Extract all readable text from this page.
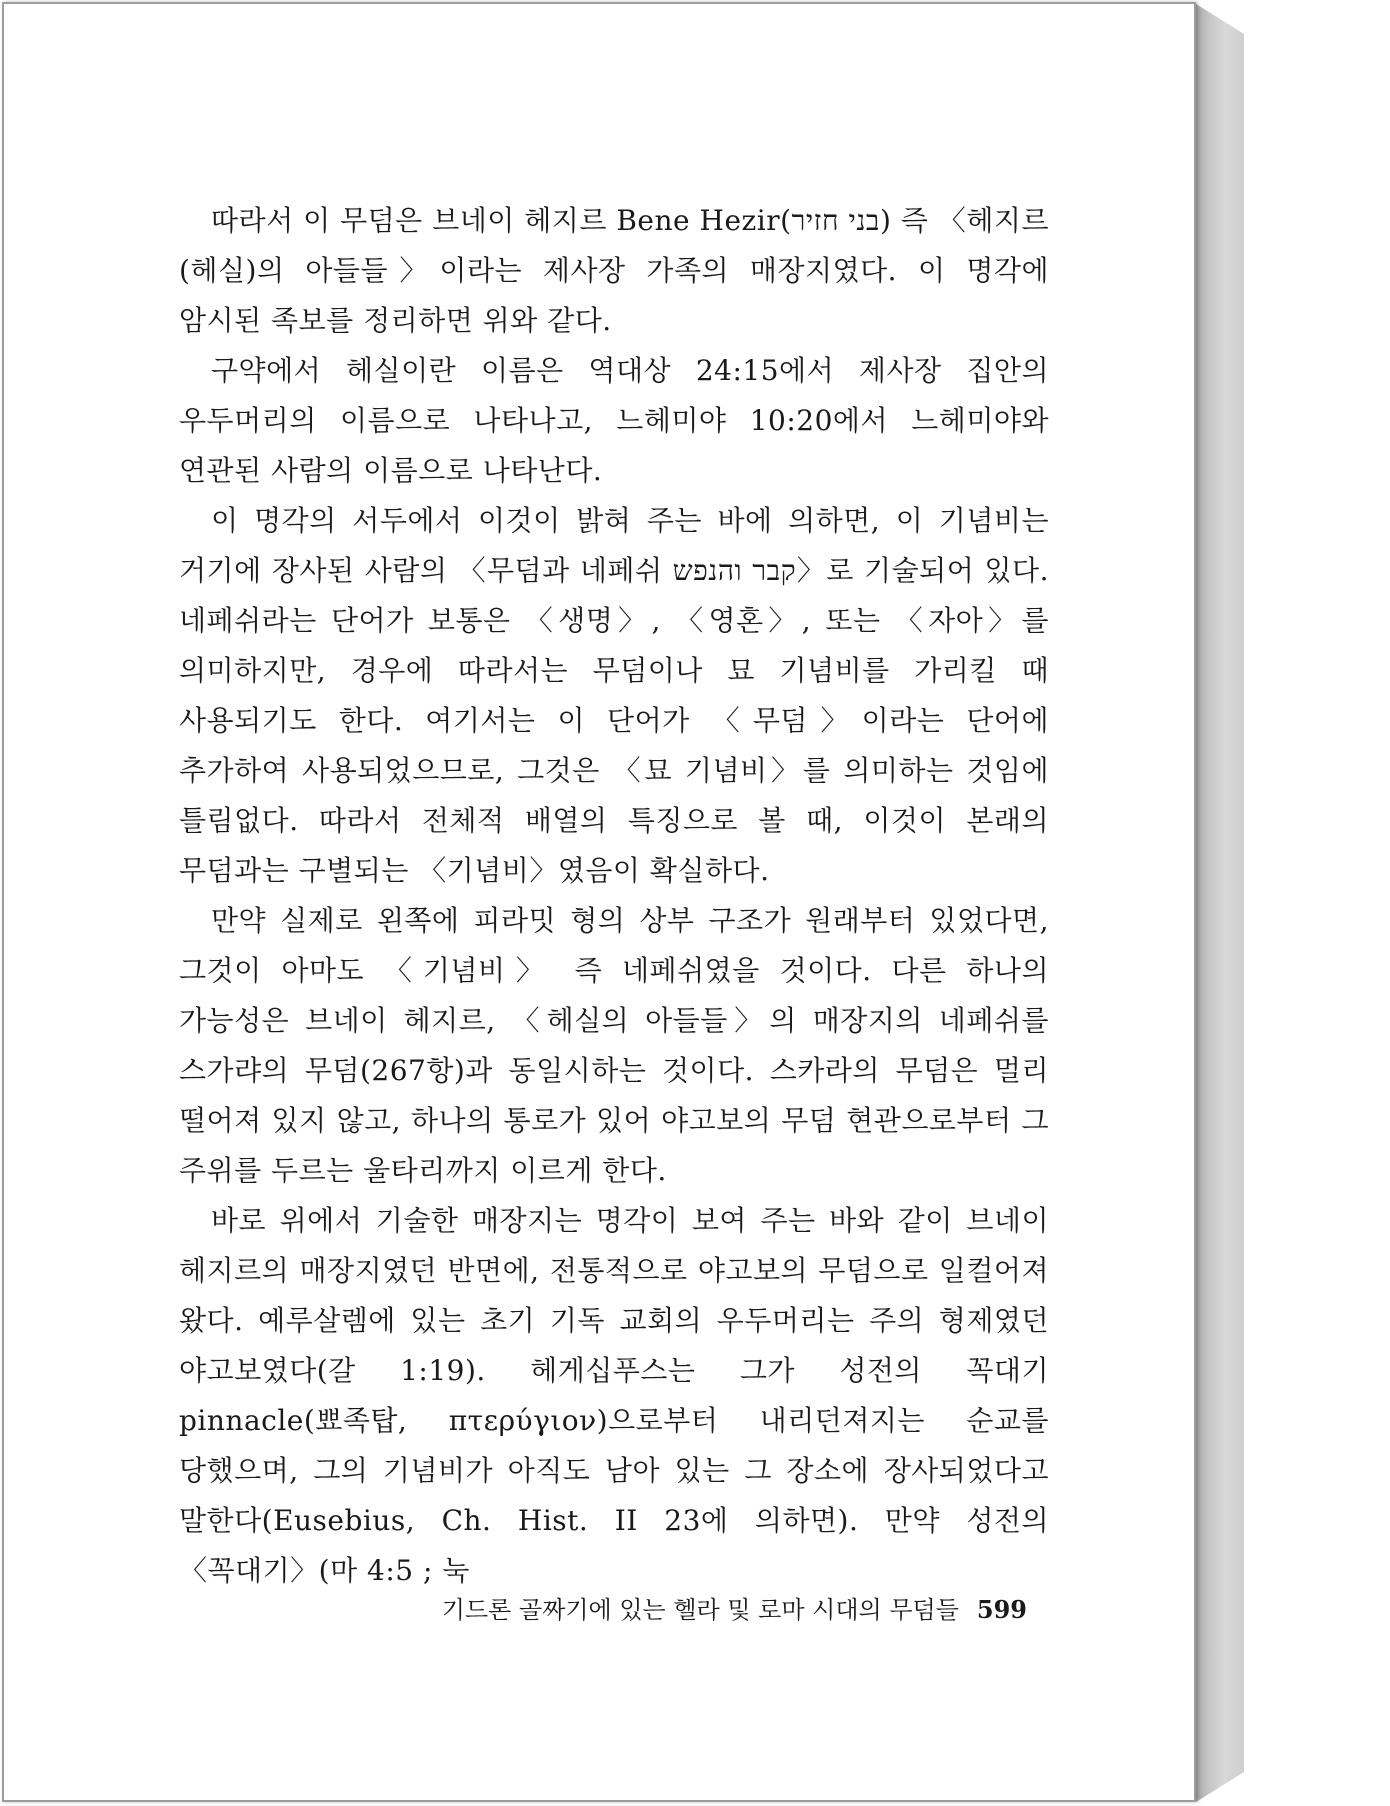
따라서 이 무덤은 브네이 헤지르 Bene Hezir(בני חזיר) 즉 〈헤지르(헤실)의 아들들〉이라는 제사장 가족의 매장지였다. 이 명각에 암시된 족보를 정리하면 위와 같다.

구약에서 헤실이란 이름은 역대상 24:15에서 제사장 집안의 우두머리의 이름으로 나타나고, 느헤미야 10:20에서 느헤미야와 연관된 사람의 이름으로 나타난다.

이 명각의 서두에서 이것이 밝혀 주는 바에 의하면, 이 기념비는 거기에 장사된 사람의 〈무덤과 네페쉬 קבר והנפש〉로 기술되어 있다. 네페쉬라는 단어가 보통은 〈생명〉, 〈영혼〉, 또는 〈자아〉를 의미하지만, 경우에 따라서는 무덤이나 묘 기념비를 가리킬 때 사용되기도 한다. 여기서는 이 단어가 〈무덤〉이라는 단어에 추가하여 사용되었으므로, 그것은 〈묘 기념비〉를 의미하는 것임에 틀림없다. 따라서 전체적 배열의 특징으로 볼 때, 이것이 본래의 무덤과는 구별되는 〈기념비〉였음이 확실하다.

만약 실제로 왼쪽에 피라밋 형의 상부 구조가 원래부터 있었다면, 그것이 아마도 〈기념비〉 즉 네페쉬였을 것이다. 다른 하나의 가능성은 브네이 헤지르, 〈헤실의 아들들〉의 매장지의 네페쉬를 스가랴의 무덤(267항)과 동일시하는 것이다. 스카라의 무덤은 멀리 떨어져 있지 않고, 하나의 통로가 있어 야고보의 무덤 현관으로부터 그 주위를 두르는 울타리까지 이르게 한다.

바로 위에서 기술한 매장지는 명각이 보여 주는 바와 같이 브네이 헤지르의 매장지였던 반면에, 전통적으로 야고보의 무덤으로 일컬어져 왔다. 예루살렘에 있는 초기 기독 교회의 우두머리는 주의 형제였던 야고보였다(갈 1:19). 헤게십푸스는 그가 성전의 꼭대기 pinnacle(뾰족탑, πτερύγιον)으로부터 내리던져지는 순교를 당했으며, 그의 기념비가 아직도 남아 있는 그 장소에 장사되었다고 말한다(Eusebius, Ch. Hist. II 23에 의하면). 만약 성전의 〈꼭대기〉(마 4:5 ; 눅

기드론 골짜기에 있는 헬라 및 로마 시대의 무덤들 599
